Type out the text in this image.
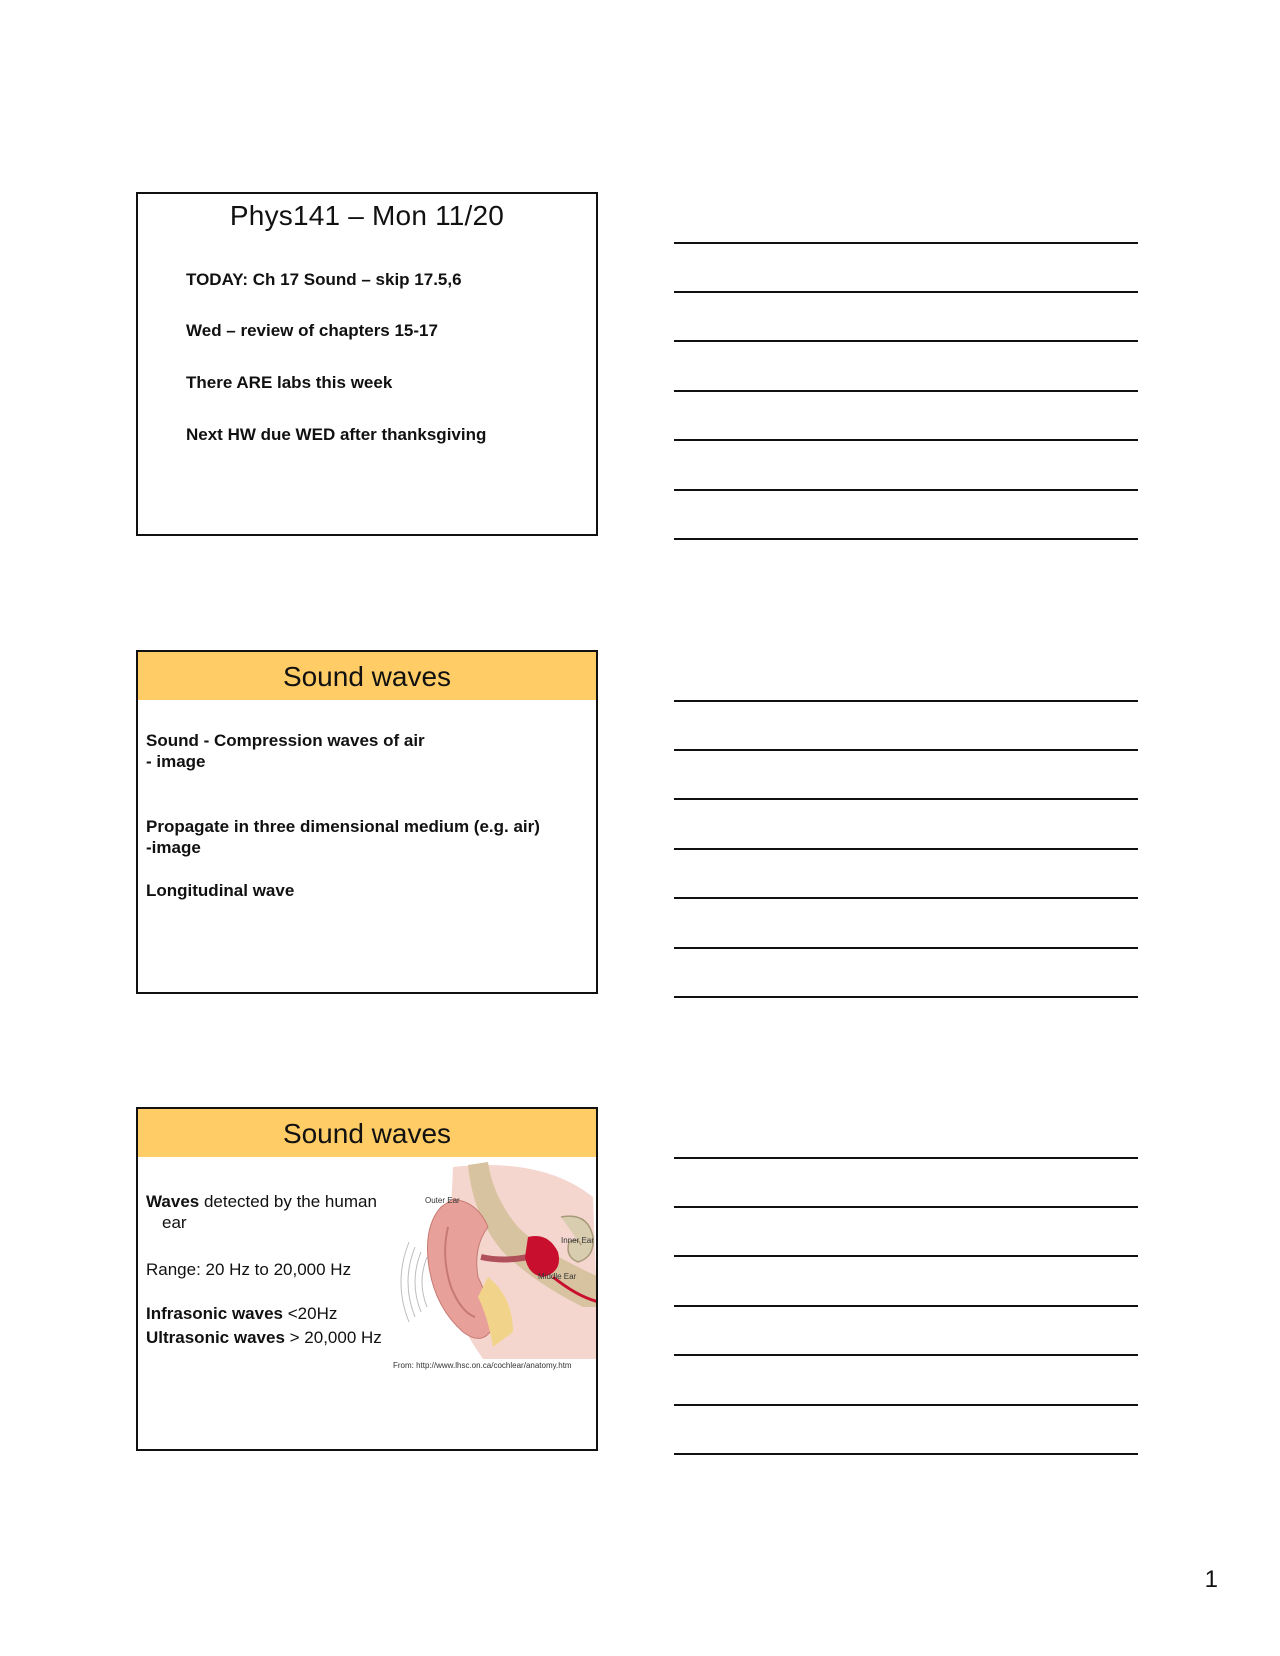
Phys141 – Mon 11/20
TODAY: Ch 17 Sound – skip 17.5,6
Wed – review of chapters 15-17
There ARE labs this week
Next HW due WED after thanksgiving
Sound waves
Sound - Compression waves of air
- image
Propagate in three dimensional medium (e.g. air)
-image
Longitudinal wave
Sound waves
Waves detected by the human
ear
Range: 20 Hz to 20,000 Hz
Infrasonic waves <20Hz
Ultrasonic waves > 20,000 Hz
Outer Ear
Inner Ear
Middle Ear
From: http://www.lhsc.on.ca/cochlear/anatomy.htm
1
